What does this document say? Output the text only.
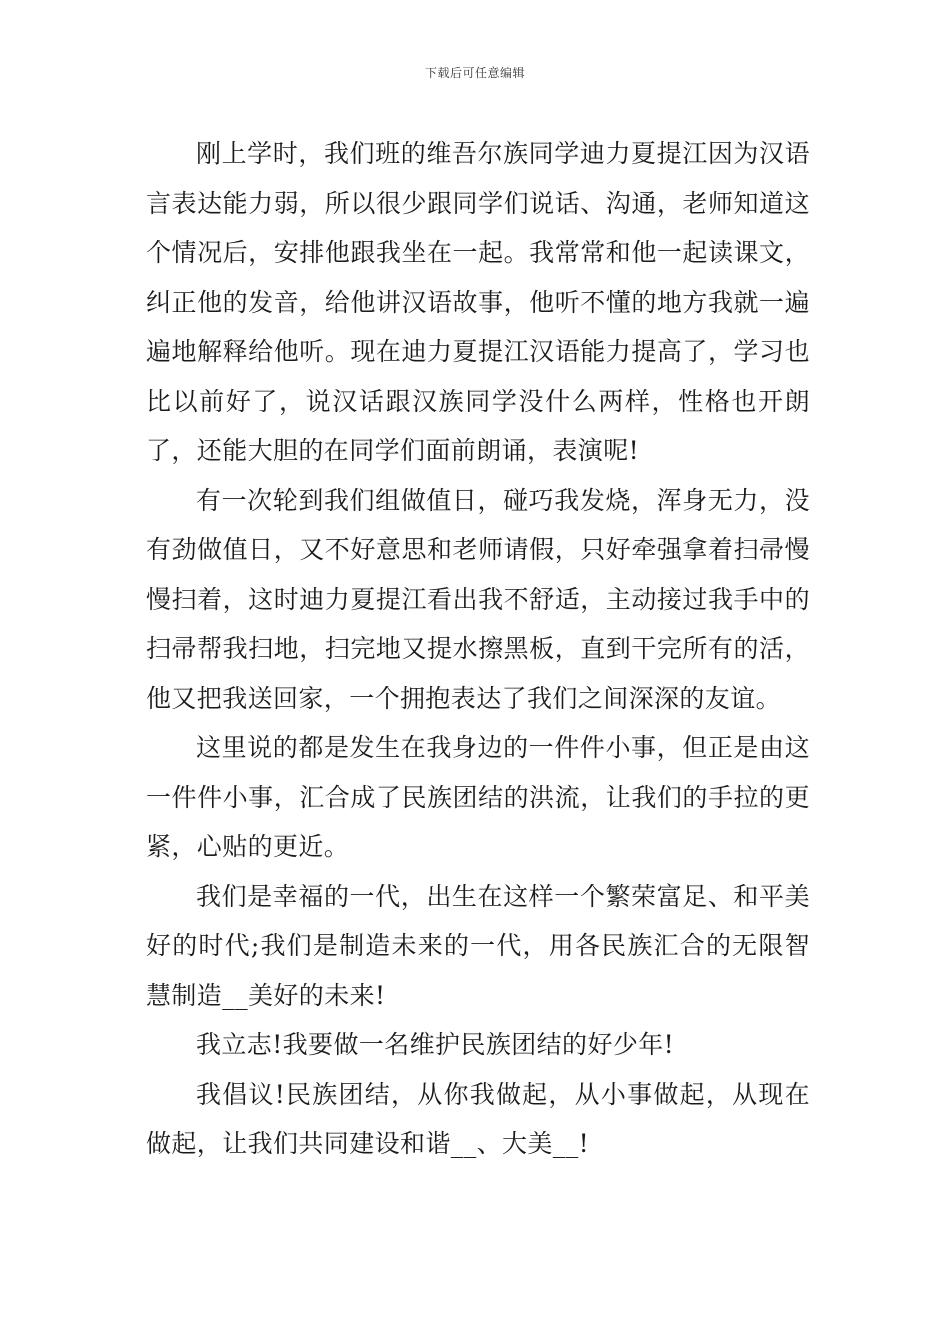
下载后可任意编辑

刚上学时，我们班的维吾尔族同学迪力夏提江因为汉语言表达能力弱，所以很少跟同学们说话、沟通，老师知道这个情况后，安排他跟我坐在一起。我常常和他一起读课文，纠正他的发音，给他讲汉语故事，他听不懂的地方我就一遍遍地解释给他听。现在迪力夏提江汉语能力提高了，学习也比以前好了，说汉话跟汉族同学没什么两样，性格也开朗了，还能大胆的在同学们面前朗诵，表演呢!

有一次轮到我们组做值日，碰巧我发烧，浑身无力，没有劲做值日，又不好意思和老师请假，只好牵强拿着扫帚慢慢扫着，这时迪力夏提江看出我不舒适，主动接过我手中的扫帚帮我扫地，扫完地又提水擦黑板，直到干完所有的活，他又把我送回家，一个拥抱表达了我们之间深深的友谊。

这里说的都是发生在我身边的一件件小事，但正是由这一件件小事，汇合成了民族团结的洪流，让我们的手拉的更紧，心贴的更近。

我们是幸福的一代，出生在这样一个繁荣富足、和平美好的时代;我们是制造未来的一代，用各民族汇合的无限智慧制造__美好的未来!

我立志!我要做一名维护民族团结的好少年!

我倡议!民族团结，从你我做起，从小事做起，从现在做起，让我们共同建设和谐__、大美__!
